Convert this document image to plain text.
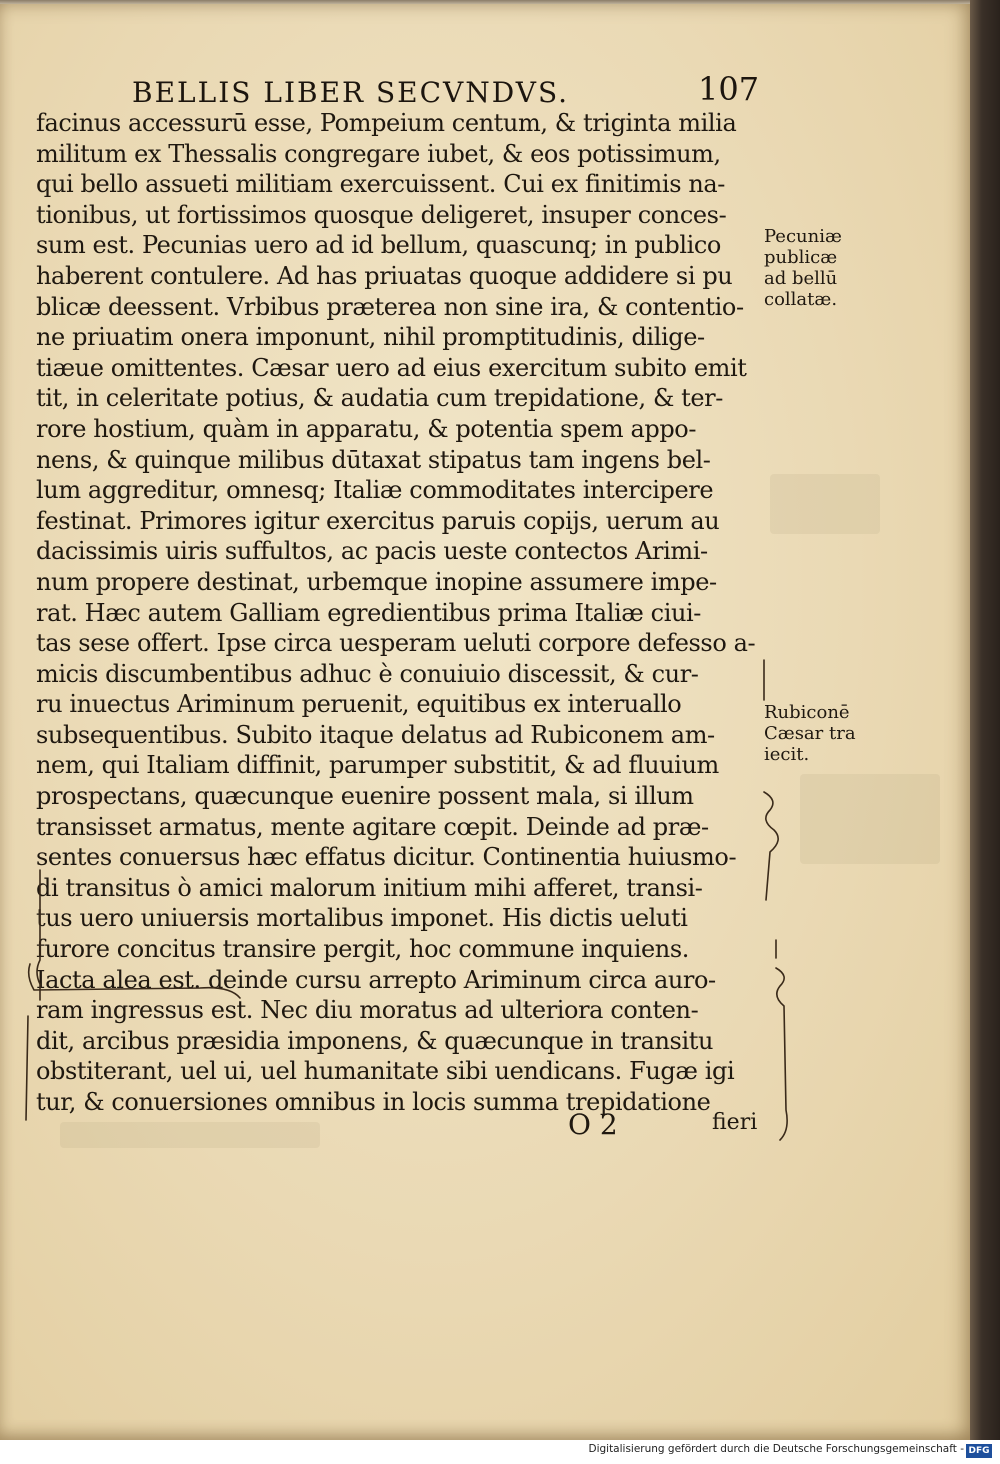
BELLIS LIBER SECVNDVS.	107
facinus accessurū esse, Pompeium centum, & triginta milia
militum ex Thessalis congregare iubet, & eos potissimum,
qui bello assueti militiam exercuissent. Cui ex finitimis na-
tionibus, ut fortissimos quosque deligeret, insuper conces-
sum est. Pecunias uero ad id bellum, quascunq; in publico
haberent contulere. Ad has priuatas quoque addidere si pu
blicæ deessent. Vrbibus præterea non sine ira, & contentio-
ne priuatim onera imponunt, nihil promptitudinis, dilige-
tiæue omittentes. Cæsar uero ad eius exercitum subito emit
tit, in celeritate potius, & audatia cum trepidatione, & ter-
rore hostium, quàm in apparatu, & potentia spem appo-
nens, & quinque milibus dūtaxat stipatus tam ingens bel-
lum aggreditur, omnesq; Italiæ commoditates intercipere
festinat. Primores igitur exercitus paruis copijs, uerum au
dacissimis uiris suffultos, ac pacis ueste contectos Arimi-
num propere destinat, urbemque inopine assumere impe-
rat. Hæc autem Galliam egredientibus prima Italiæ ciui-
tas sese offert. Ipse circa uesperam ueluti corpore defesso a-
micis discumbentibus adhuc è conuiuio discessit, & cur-
ru inuectus Ariminum peruenit, equitibus ex interuallo
subsequentibus. Subito itaque delatus ad Rubiconem am-
nem, qui Italiam diffinit, parumper substitit, & ad fluuium
prospectans, quæcunque euenire possent mala, si illum
transisset armatus, mente agitare cœpit. Deinde ad præ-
sentes conuersus hæc effatus dicitur. Continentia huiusmo-
di transitus ò amici malorum initium mihi afferet, transi-
tus uero uniuersis mortalibus imponet. His dictis ueluti
furore concitus transire pergit, hoc commune inquiens.
Iacta alea est. deinde cursu arrepto Ariminum circa auro-
ram ingressus est. Nec diu moratus ad ulteriora conten-
dit, arcibus præsidia imponens, & quæcunque in transitu
obstiterant, uel ui, uel humanitate sibi uendicans. Fugæ igi
tur, & conuersiones omnibus in locis summa trepidatione
Pecuniæ
publicæ
ad bellū
collatæ.
Rubiconē
Cæsar tra
iecit.
O 2	fieri
Digitalisierung gefördert durch die Deutsche Forschungsgemeinschaft - DFG
